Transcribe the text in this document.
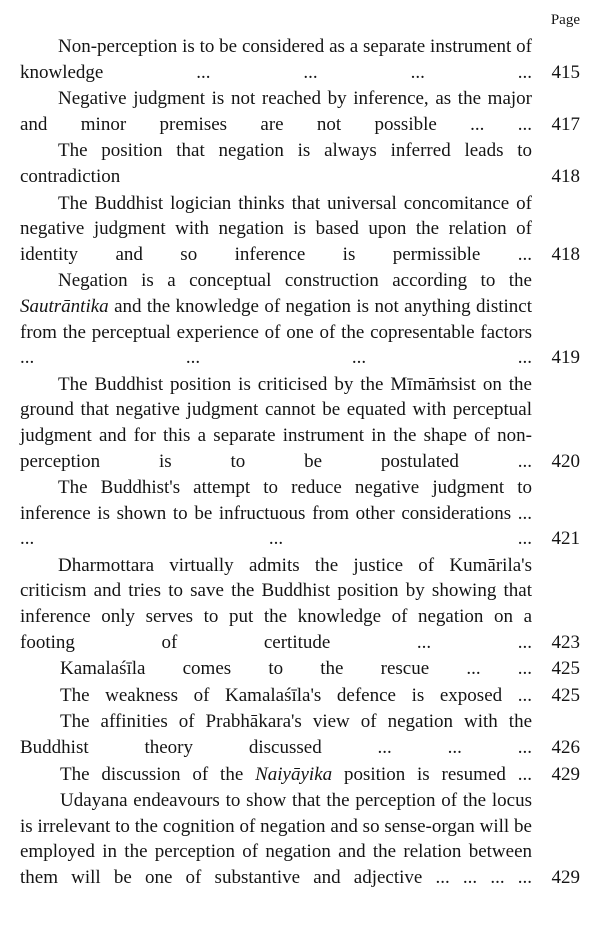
Page
Non-perception is to be considered as a separate instrument of knowledge ... ... ... ...	415
Negative judgment is not reached by inference, as the major and minor premises are not possible ... ...	417
The position that negation is always inferred leads to contradiction	418
The Buddhist logician thinks that universal concomitance of negative judgment with negation is based upon the relation of identity and so inference is permissible ...	418
Negation is a conceptual construction according to the Sautrāntika and the knowledge of negation is not anything distinct from the perceptual experience of one of the copresentable factors ... ... ... ...	419
The Buddhist position is criticised by the Mīmāṁsist on the ground that negative judgment cannot be equated with perceptual judgment and for this a separate instrument in the shape of non-perception is to be postulated ...	420
The Buddhist's attempt to reduce negative judgment to inference is shown to be infructuous from other considerations ... ... ... ...	421
Dharmottara virtually admits the justice of Kumārila's criticism and tries to save the Buddhist position by showing that inference only serves to put the knowledge of negation on a footing of certitude ... ...	423
Kamalaśīla comes to the rescue ... ...	425
The weakness of Kamalaśīla's defence is exposed ...	425
The affinities of Prabhākara's view of negation with the Buddhist theory discussed ... ... ...	426
The discussion of the Naiyāyika position is resumed ...	429
Udayana endeavours to show that the perception of the locus is irrelevant to the cognition of negation and so sense-organ will be employed in the perception of negation and the relation between them will be one of substantive and adjective ... ... ... ...	429
